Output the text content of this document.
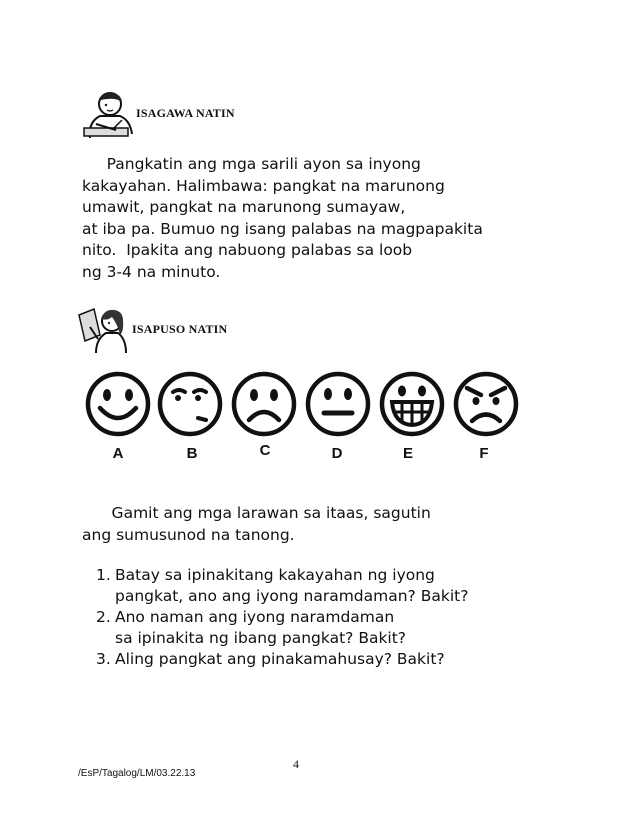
ISAGAWA NATIN

Pangkatin ang mga sarili ayon sa inyong

kakayahan. Halimbawa: pangkat na marunong

umawit, pangkat na marunong sumayaw,

at iba pa. Bumuo ng isang palabas na magpapakita

nito.  Ipakita ang nabuong palabas sa loob

ng 3-4 na minuto.

ISAPUSO NATIN
A	B	C	D	E	F

Gamit ang mga larawan sa itaas, sagutin

ang sumusunod na tanong.

1. Batay sa ipinakitang kakayahan ng iyong
pangkat, ano ang iyong naramdaman? Bakit?
2. Ano naman ang iyong naramdaman
sa ipinakita ng ibang pangkat? Bakit?
3. Aling pangkat ang pinakamahusay? Bakit?
4
/EsP/Tagalog/LM/03.22.13
